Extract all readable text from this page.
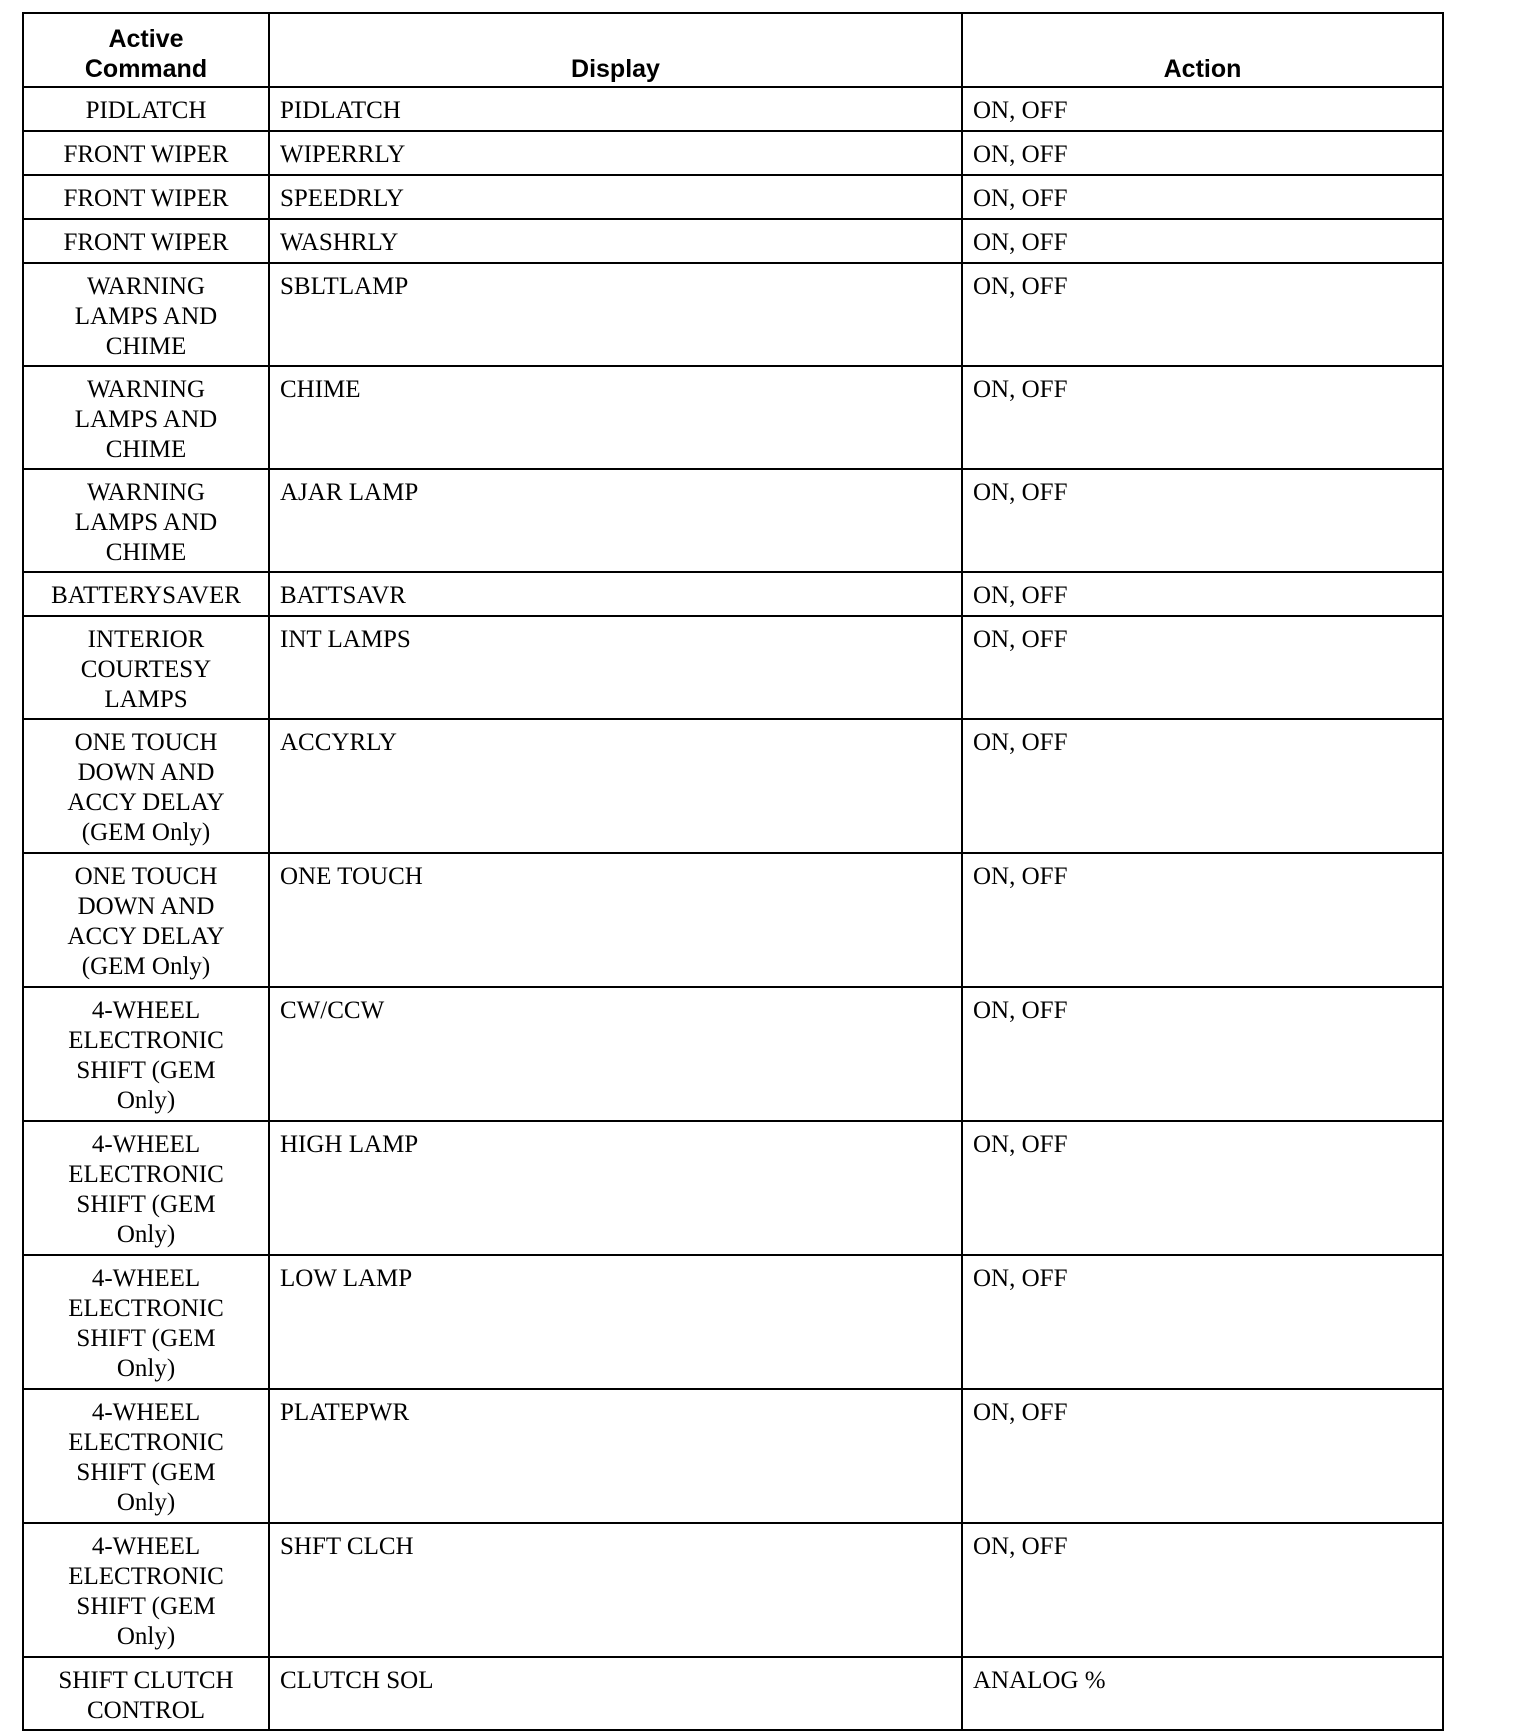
Active
Command	Display	Action
PIDLATCH	PIDLATCH	ON, OFF
FRONT WIPER	WIPERRLY	ON, OFF
FRONT WIPER	SPEEDRLY	ON, OFF
FRONT WIPER	WASHRLY	ON, OFF
WARNING
LAMPS AND
CHIME	SBLTLAMP	ON, OFF
WARNING
LAMPS AND
CHIME	CHIME	ON, OFF
WARNING
LAMPS AND
CHIME	AJAR LAMP	ON, OFF
BATTERYSAVER	BATTSAVR	ON, OFF
INTERIOR
COURTESY
LAMPS	INT LAMPS	ON, OFF
ONE TOUCH
DOWN AND
ACCY DELAY
(GEM Only)	ACCYRLY	ON, OFF
ONE TOUCH
DOWN AND
ACCY DELAY
(GEM Only)	ONE TOUCH	ON, OFF
4-WHEEL
ELECTRONIC
SHIFT (GEM
Only)	CW/CCW	ON, OFF
4-WHEEL
ELECTRONIC
SHIFT (GEM
Only)	HIGH LAMP	ON, OFF
4-WHEEL
ELECTRONIC
SHIFT (GEM
Only)	LOW LAMP	ON, OFF
4-WHEEL
ELECTRONIC
SHIFT (GEM
Only)	PLATEPWR	ON, OFF
4-WHEEL
ELECTRONIC
SHIFT (GEM
Only)	SHFT CLCH	ON, OFF
SHIFT CLUTCH
CONTROL	CLUTCH SOL	ANALOG %
